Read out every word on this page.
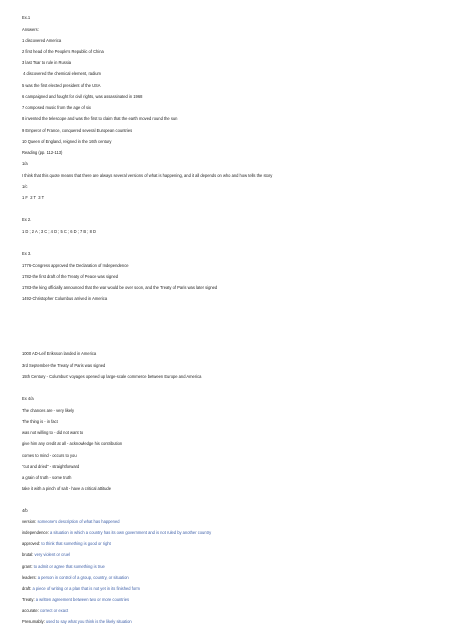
Ex.1
Answers:
1 discovered America
2 first head of the People's Republic of China
3 last Tsar to rule in Russia
4 discovered the chemical element, radium
5 was the first elected president of the USA
6 campaigned and fought for civil rights, was assassinated in 1968
7 composed music from the age of six
8 invented the telescope and was the first to claim that the earth moved round the sun
9 Emperor of France, conquered several European countries
10 Queen of England, reigned in the 16th century
Reading (pp. 112-113)
1/a
I think that this quote means that there are always several versions of what is happening, and it all depends on who and how tells the story
1/c
1 F  2 T  3 T
Ex 2.
1 D ; 2 A ; 3 C ; 4 D ; 5 C ; 6 D ; 7 B ; 8 D
Ex 3.
1776-Congress approved the Declaration of Independence
1782-the first draft of the Treaty of Peace was signed
1783-the king officially announced that the war would be over soon, and the Treaty of Paris was later signed
1492-Christopher Columbus arrived in America
1000 AD-Leif Eriksson landed in America
3rd September-the Treaty of Paris was signed
15th Century - Columbus' voyages opened up large-scale commerce between Europe and America
Ex 4/a
The chances are - very likely
The thing is - in fact
was not willing to - did not want to
give him any credit at all - acknowledge his contribution
comes to mind - occurs to you
"cut and dried" - straightforward
a grain of truth - some truth
take it with a pinch of salt - have a critical attitude
4/b
version: someone's description of what has happened
independence: a situation in which a country has its own government and is not ruled by another country
approved: to think that something is good or right
brutal: very violent or cruel
grant: to admit or agree that something is true
leaders: a person in control of a group, country, or situation
draft: a piece of writing or a plan that is not yet in its finished form
Treaty: a written agreement between two or more countries
accurate: correct or exact
Presumably: used to say what you think is the likely situation
